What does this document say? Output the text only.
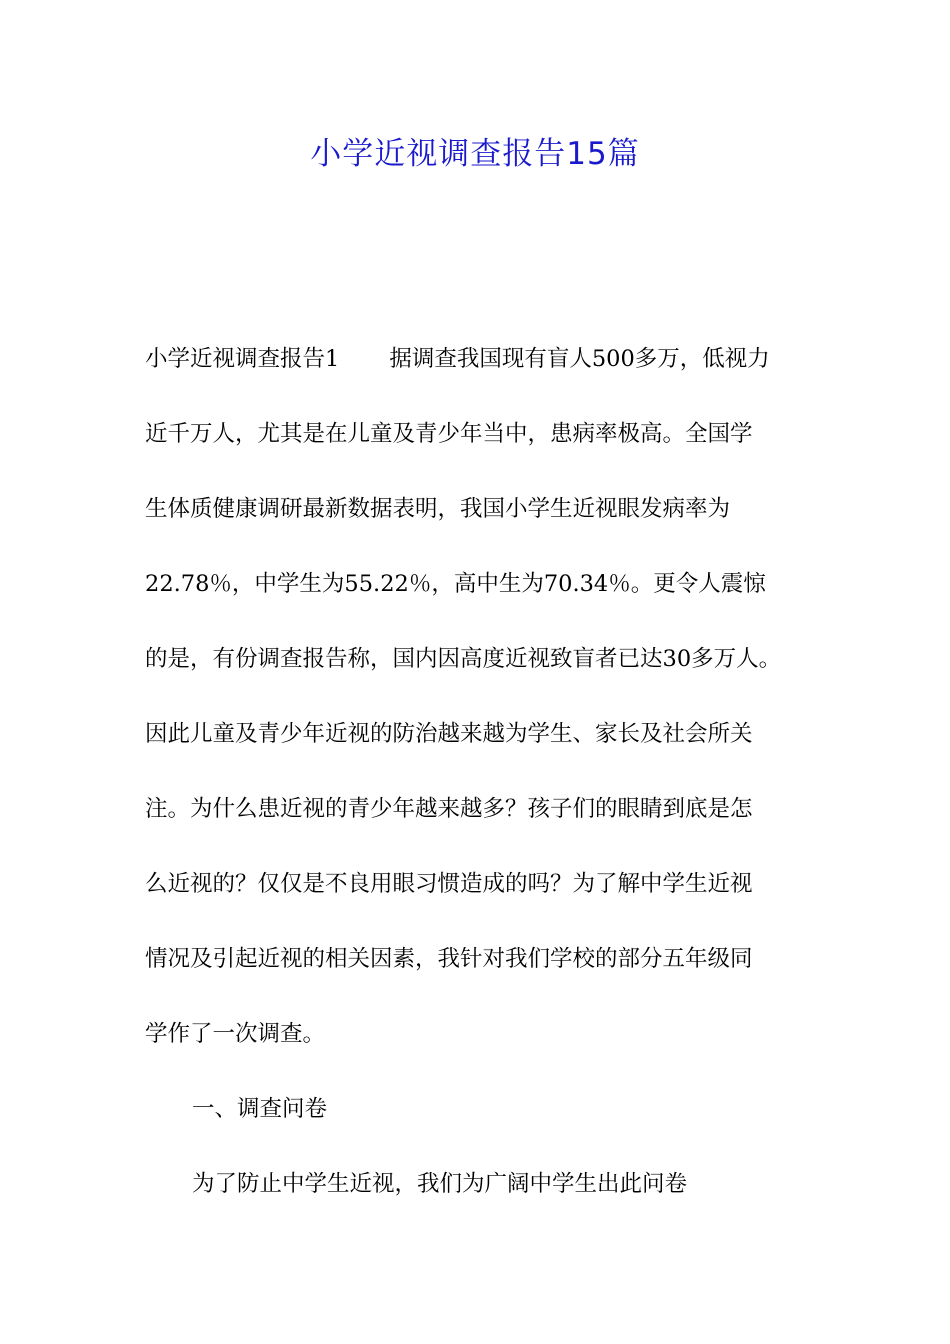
小学近视调查报告15篇
小学近视调查报告1 据调查我国现有盲人500多万，低视力
近千万人，尤其是在儿童及青少年当中，患病率极高。全国学
生体质健康调研最新数据表明，我国小学生近视眼发病率为
22.78％，中学生为55.22％，高中生为70.34％。更令人震惊
的是，有份调查报告称，国内因高度近视致盲者已达30多万人。
因此儿童及青少年近视的防治越来越为学生、家长及社会所关
注。为什么患近视的青少年越来越多？孩子们的眼睛到底是怎
么近视的？仅仅是不良用眼习惯造成的吗？为了解中学生近视
情况及引起近视的相关因素，我针对我们学校的部分五年级同
学作了一次调查。
一、调查问卷
为了防止中学生近视，我们为广阔中学生出此问卷
